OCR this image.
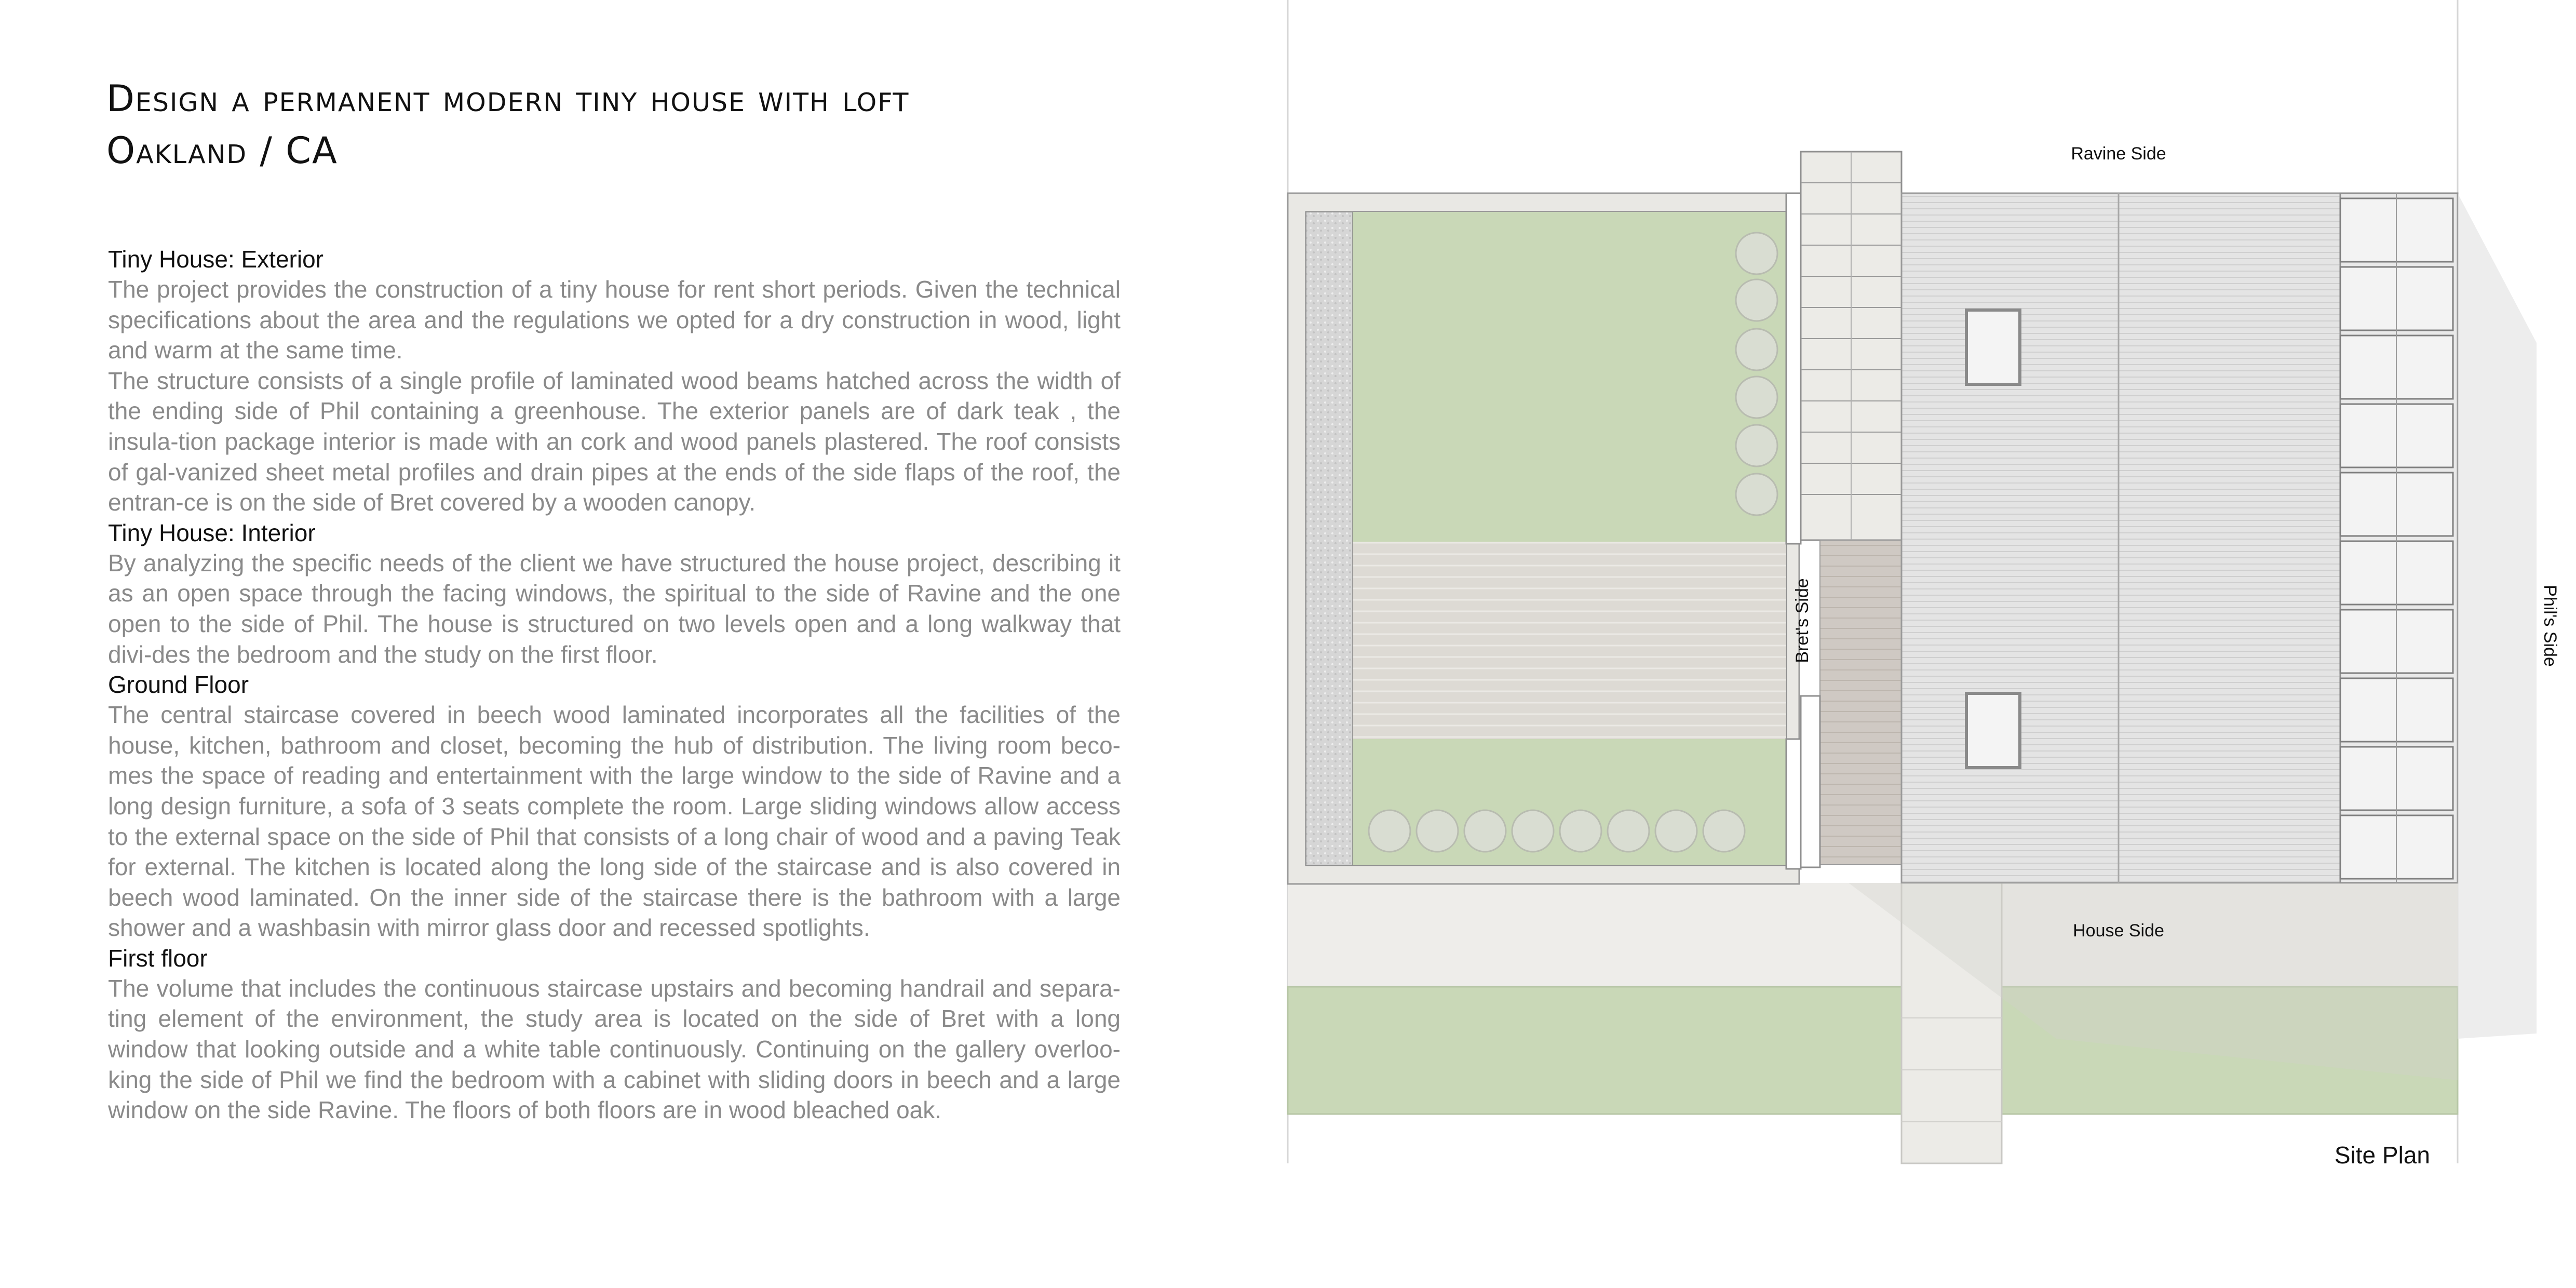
Design a permanent modern tiny house with loft
Oakland / CA
Tiny House: Exterior
The project provides the construction of a tiny house for rent short periods. Given the technical specifications about the area and the regulations we opted for a dry construction in wood, light and warm at the same time.
The structure consists of a single profile of laminated wood beams hatched across the width of the ending side of Phil containing a greenhouse. The exterior panels are of dark teak , the insula-tion package interior is made with an cork and wood panels plastered. The roof consists of gal-vanized sheet metal profiles and drain pipes at the ends of the side flaps of the roof, the entran-ce is on the side of Bret covered by a wooden canopy.
Tiny House: Interior
By analyzing the specific needs of the client we have structured the house project, describing it as an open space through the facing windows, the spiritual to the side of Ravine and the one open to the side of Phil. The house is structured on two levels open and a long walkway that divi-des the bedroom and the study on the first floor.
Ground Floor
The central staircase covered in beech wood laminated incorporates all the facilities of the house, kitchen, bathroom and closet, becoming the hub of distribution. The living room beco-mes the space of reading and entertainment with the large window to the side of Ravine and a long design furniture, a sofa of 3 seats complete the room. Large sliding windows allow access to the external space on the side of Phil that consists of a long chair of wood and a paving Teak for external. The kitchen is located along the long side of the staircase and is also covered in beech wood laminated. On the inner side of the staircase there is the bathroom with a large shower and a washbasin with mirror glass door and recessed spotlights.
First floor
The volume that includes the continuous staircase upstairs and becoming handrail and separa-ting element of the environment, the study area is located on the side of Bret with a long window that looking outside and a white table continuously. Continuing on the gallery overloo-king the side of Phil we find the bedroom with a cabinet with sliding doors in beech and a large window on the side Ravine. The floors of both floors are in wood bleached oak.
Ravine Side
House Side
Bret's Side	Phil's Side
Site Plan
